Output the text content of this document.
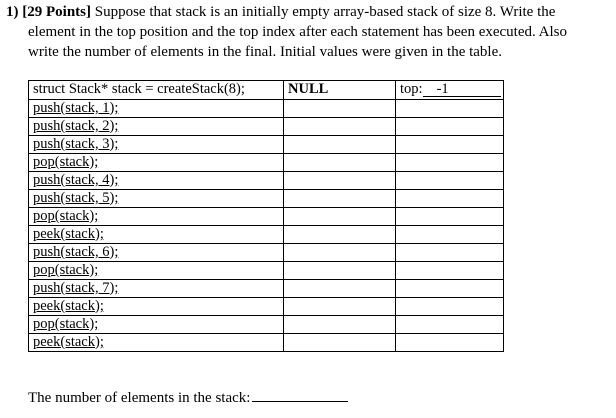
1) [29 Points] Suppose that stack is an initially empty array-based stack of size 8. Write the
element in the top position and the top index after each statement has been executed. Also
write the number of elements in the final. Initial values were given in the table.
struct Stack* stack = createStack(8);	NULL	top: -1
push(stack, 1);		
push(stack, 2);		
push(stack, 3);		
pop(stack);		
push(stack, 4);		
push(stack, 5);		
pop(stack);		
peek(stack);		
push(stack, 6);		
pop(stack);		
push(stack, 7);		
peek(stack);		
pop(stack);		
peek(stack);		
The number of elements in the stack:
